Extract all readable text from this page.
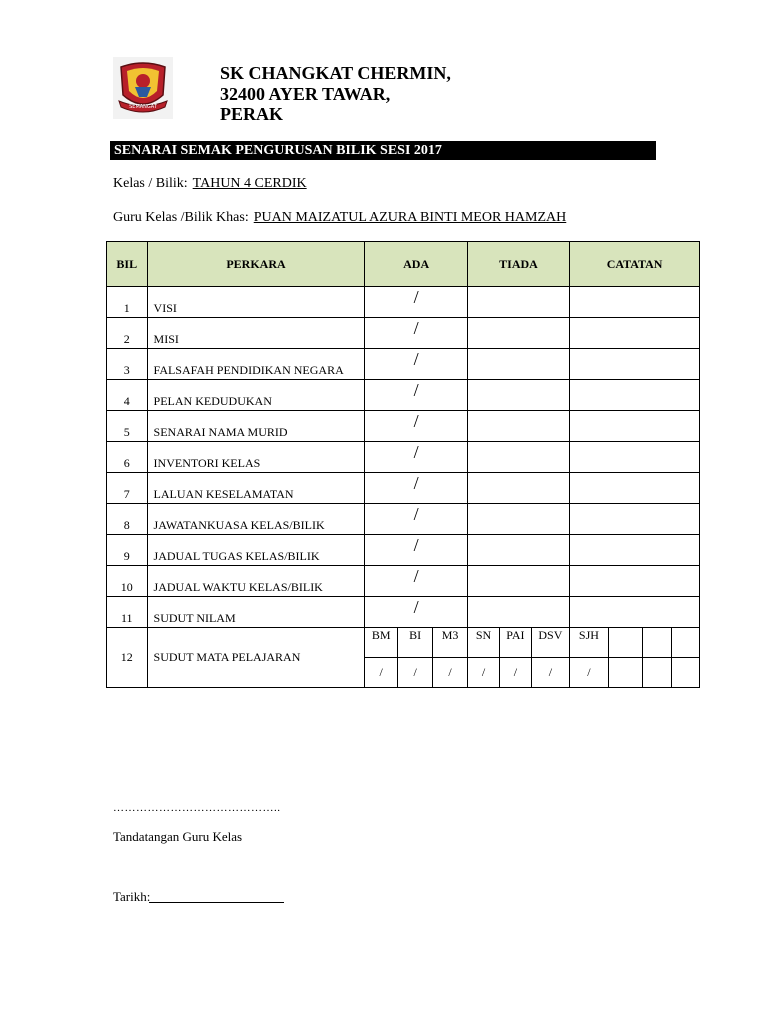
SEMANGAT
SK CHANGKAT CHERMIN,
32400 AYER TAWAR,
PERAK
SENARAI SEMAK PENGURUSAN BILIK SESI 2017
Kelas / Bilik: TAHUN 4 CERDIK
Guru Kelas /Bilik Khas: PUAN MAIZATUL AZURA BINTI MEOR HAMZAH
BIL	PERKARA	ADA			TIADA			CATATAN			
1	VISI	/									
2	MISI	/									
3	FALSAFAH PENDIDIKAN NEGARA	/									
4	PELAN KEDUDUKAN	/									
5	SENARAI NAMA MURID	/									
6	INVENTORI KELAS	/									
7	LALUAN KESELAMATAN	/									
8	JAWATANKUASA KELAS/BILIK	/									
9	JADUAL TUGAS KELAS/BILIK	/									
10	JADUAL WAKTU KELAS/BILIK	/									
11	SUDUT NILAM	/									
12	SUDUT MATA PELAJARAN	BM	BI	M3	SN	PAI	DSV	SJH			
		/	/	/	/	/	/	/			
……………………………………..
Tandatangan Guru Kelas
Tarikh:
